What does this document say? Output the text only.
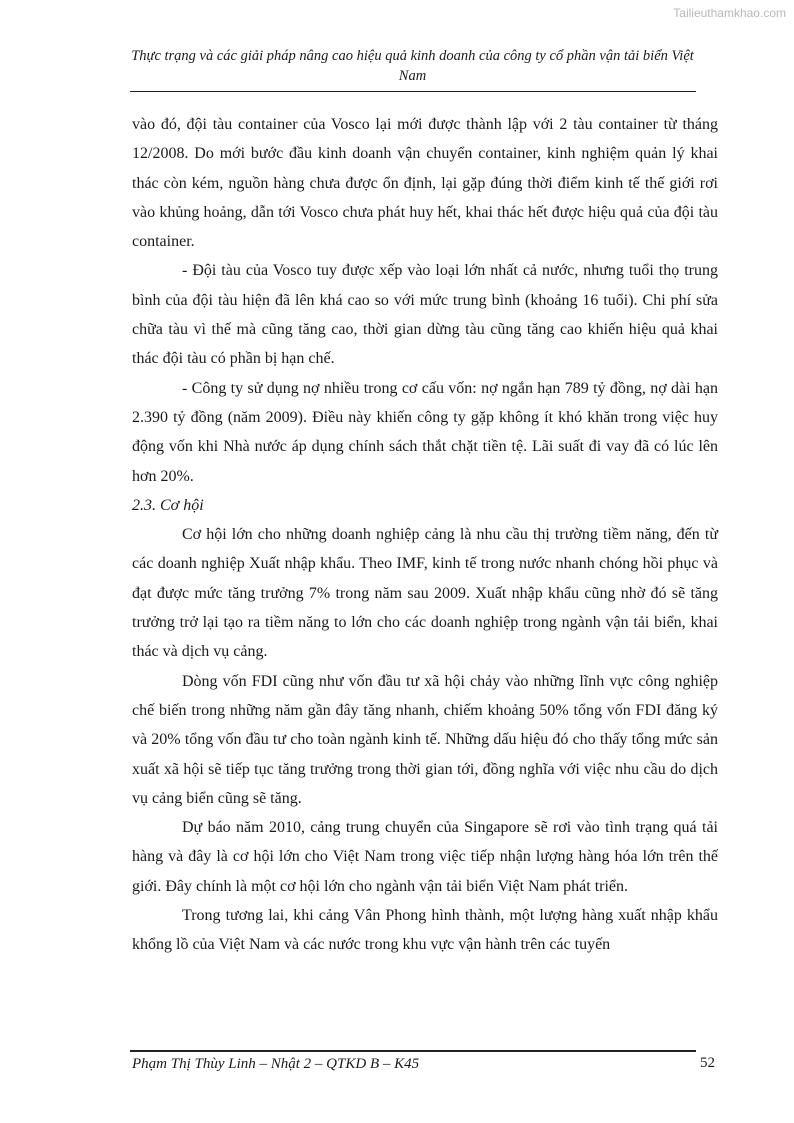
Tailieuthamkhao.com
Thực trạng và các giải pháp nâng cao hiệu quả kinh doanh của công ty cổ phần vận tải biển Việt Nam

vào đó, đội tàu container của Vosco lại mới được thành lập với 2 tàu container từ tháng 12/2008. Do mới bước đầu kinh doanh vận chuyển container, kinh nghiệm quản lý khai thác còn kém, nguồn hàng chưa được ổn định, lại gặp đúng thời điểm kinh tế thế giới rơi vào khủng hoảng, dẫn tới Vosco chưa phát huy hết, khai thác hết được hiệu quả của đội tàu container.

- Đội tàu của Vosco tuy được xếp vào loại lớn nhất cả nước, nhưng tuổi thọ trung bình của đội tàu hiện đã lên khá cao so với mức trung bình (khoảng 16 tuổi). Chi phí sửa chữa tàu vì thế mà cũng tăng cao, thời gian dừng tàu cũng tăng cao khiến hiệu quả khai thác đội tàu có phần bị hạn chế.

- Công ty sử dụng nợ nhiều trong cơ cấu vốn: nợ ngắn hạn 789 tỷ đồng, nợ dài hạn 2.390 tỷ đồng (năm 2009). Điều này khiến công ty gặp không ít khó khăn trong việc huy động vốn khi Nhà nước áp dụng chính sách thắt chặt tiền tệ. Lãi suất đi vay đã có lúc lên hơn 20%.

2.3. Cơ hội

Cơ hội lớn cho những doanh nghiệp cảng là nhu cầu thị trường tiềm năng, đến từ các doanh nghiệp Xuất nhập khẩu. Theo IMF, kinh tế trong nước nhanh chóng hồi phục và đạt được mức tăng trưởng 7% trong năm sau 2009. Xuất nhập khẩu cũng nhờ đó sẽ tăng trưởng trở lại tạo ra tiềm năng to lớn cho các doanh nghiệp trong ngành vận tải biển, khai thác và dịch vụ cảng.

Dòng vốn FDI cũng như vốn đầu tư xã hội chảy vào những lĩnh vực công nghiệp chế biến trong những năm gần đây tăng nhanh, chiếm khoảng 50% tổng vốn FDI đăng ký và 20% tổng vốn đầu tư cho toàn ngành kinh tế. Những dấu hiệu đó cho thấy tổng mức sản xuất xã hội sẽ tiếp tục tăng trưởng trong thời gian tới, đồng nghĩa với việc nhu cầu do dịch vụ cảng biển cũng sẽ tăng.

Dự báo năm 2010, cảng trung chuyển của Singapore sẽ rơi vào tình trạng quá tải hàng và đây là cơ hội lớn cho Việt Nam trong việc tiếp nhận lượng hàng hóa lớn trên thế giới. Đây chính là một cơ hội lớn cho ngành vận tải biển Việt Nam phát triển.

Trong tương lai, khi cảng Vân Phong hình thành, một lượng hàng xuất nhập khẩu khổng lồ của Việt Nam và các nước trong khu vực vận hành trên các tuyến

Phạm Thị Thùy Linh – Nhật 2 – QTKD B – K45	52
